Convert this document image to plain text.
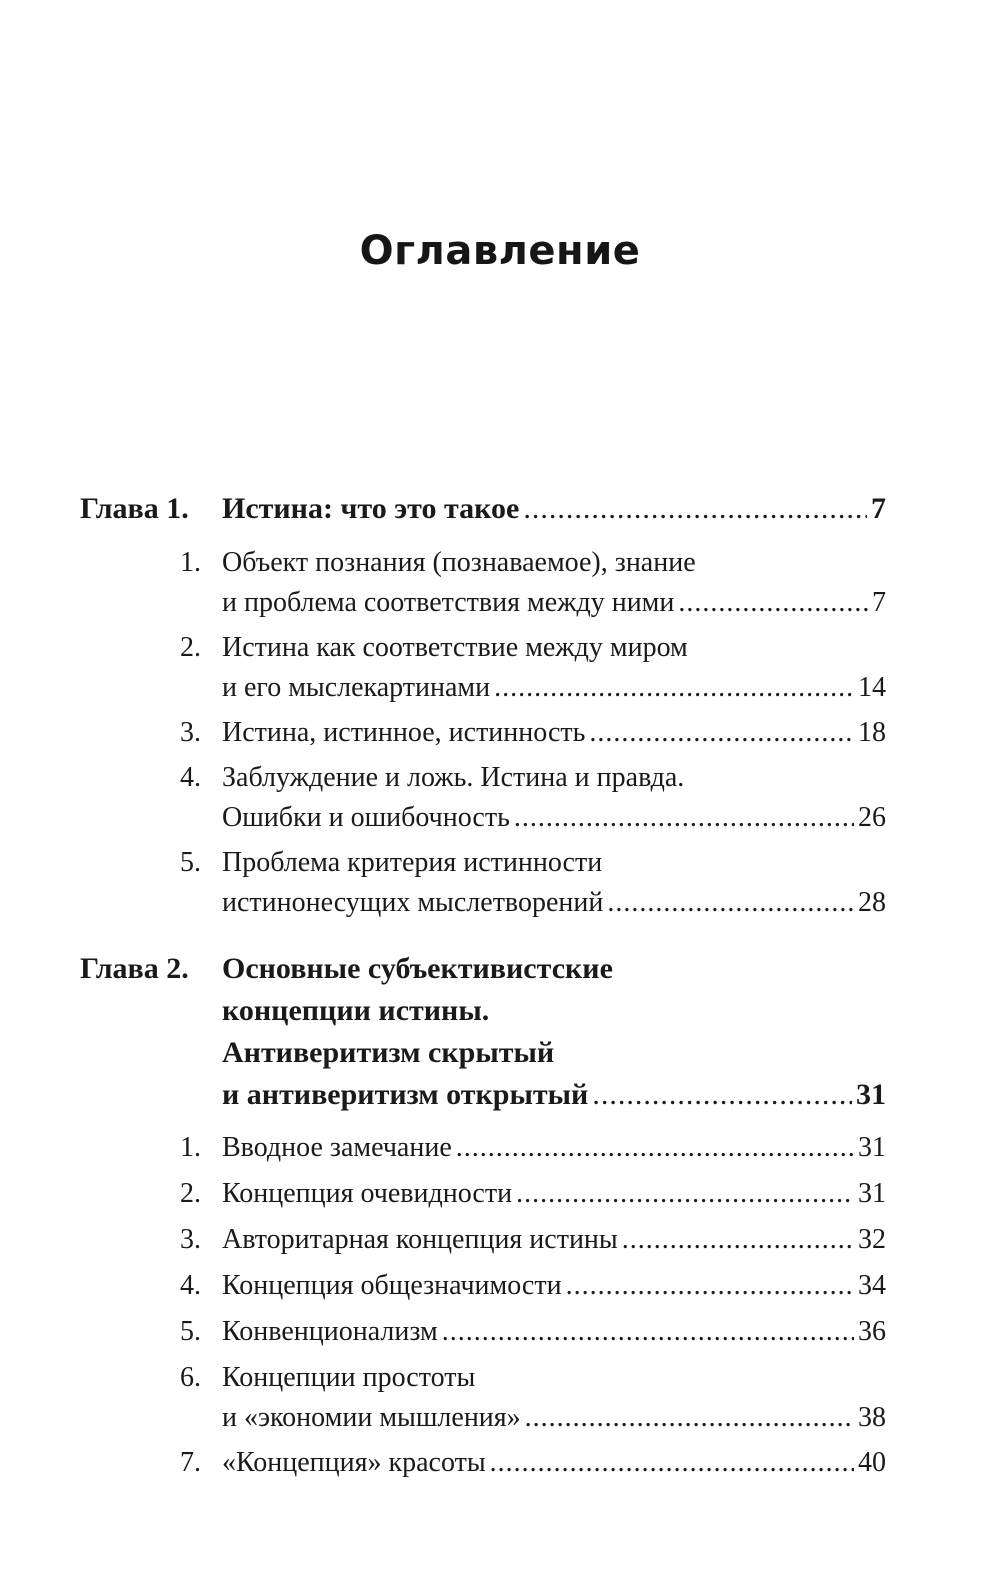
Оглавление
Глава 1. Истина: что это такое .....	7
1. Объект познания (познаваемое), знание
и проблема соответствия между ними .....	7
2. Истина как соответствие между миром
и его мыслекартинами .....	14
3. Истина, истинное, истинность .....	18
4. Заблуждение и ложь. Истина и правда.
Ошибки и ошибочность .....	26
5. Проблема критерия истинности
истинонесущих мыслетворений .....	28
Глава 2. Основные субъективистские
концепции истины.
Антиверитизм скрытый
и антиверитизм открытый .....	31
1. Вводное замечание .....	31
2. Концепция очевидности .....	31
3. Авторитарная концепция истины .....	32
4. Концепция общезначимости .....	34
5. Конвенционализм .....	36
6. Концепции простоты
и «экономии мышления» .....	38
7. «Концепция» красоты .....	40
